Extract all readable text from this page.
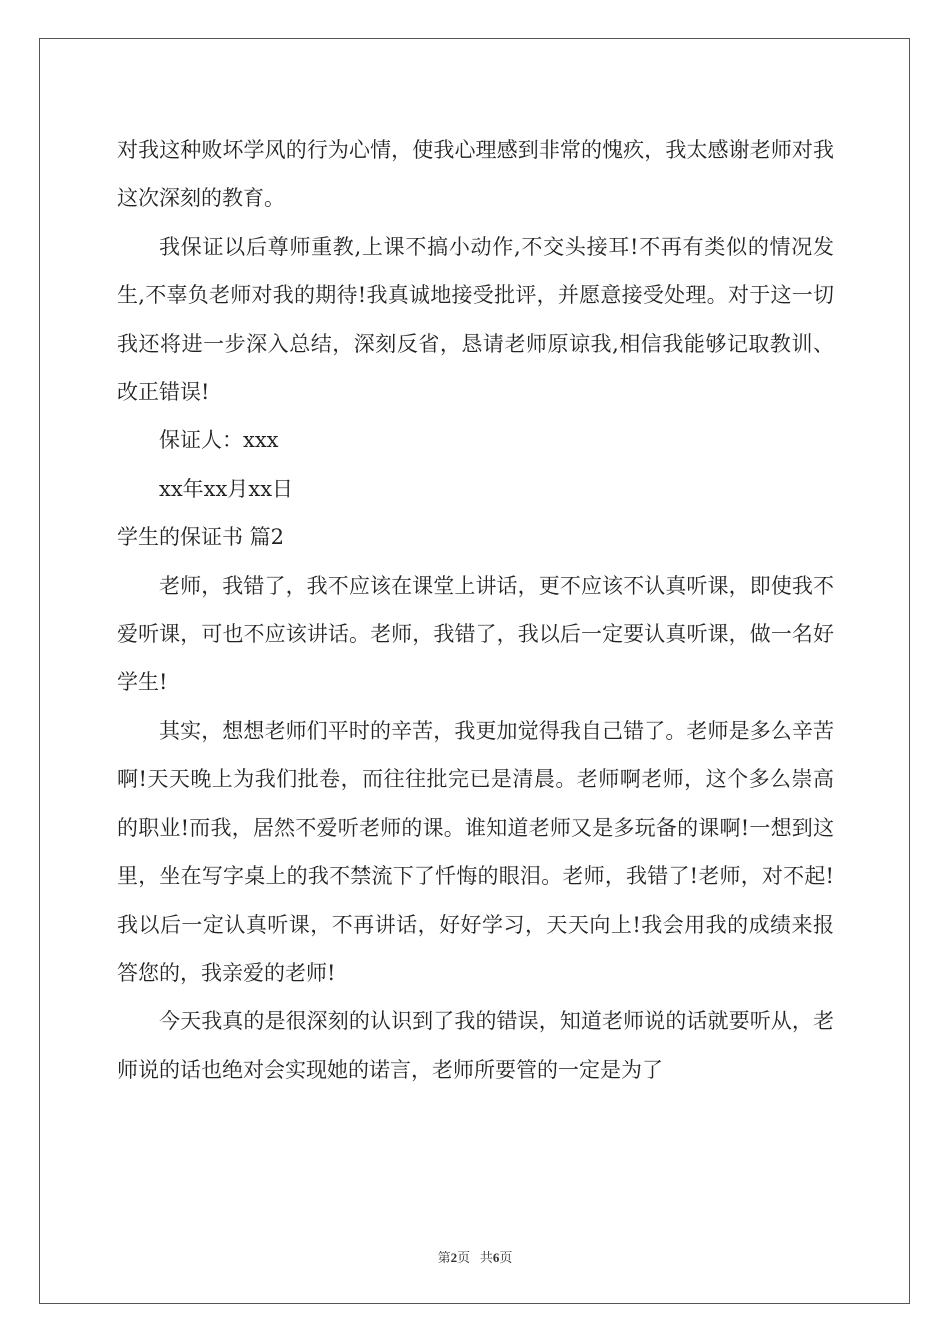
对我这种败坏学风的行为心情，使我心理感到非常的愧疚，我太感谢老师对我这次深刻的教育。

我保证以后尊师重教,上课不搞小动作,不交头接耳!不再有类似的情况发生,不辜负老师对我的期待!我真诚地接受批评，并愿意接受处理。对于这一切我还将进一步深入总结，深刻反省，恳请老师原谅我,相信我能够记取教训、改正错误!

保证人：xxx

xx年xx月xx日

学生的保证书 篇2

老师，我错了，我不应该在课堂上讲话，更不应该不认真听课，即使我不爱听课，可也不应该讲话。老师，我错了，我以后一定要认真听课，做一名好学生!

其实，想想老师们平时的辛苦，我更加觉得我自己错了。老师是多么辛苦啊!天天晚上为我们批卷，而往往批完已是清晨。老师啊老师，这个多么崇高的职业!而我，居然不爱听老师的课。谁知道老师又是多玩备的课啊!一想到这里，坐在写字桌上的我不禁流下了忏悔的眼泪。老师，我错了!老师，对不起!我以后一定认真听课，不再讲话，好好学习，天天向上!我会用我的成绩来报答您的，我亲爱的老师!

今天我真的是很深刻的认识到了我的错误，知道老师说的话就要听从，老师说的话也绝对会实现她的诺言，老师所要管的一定是为了

第2页 共6页
